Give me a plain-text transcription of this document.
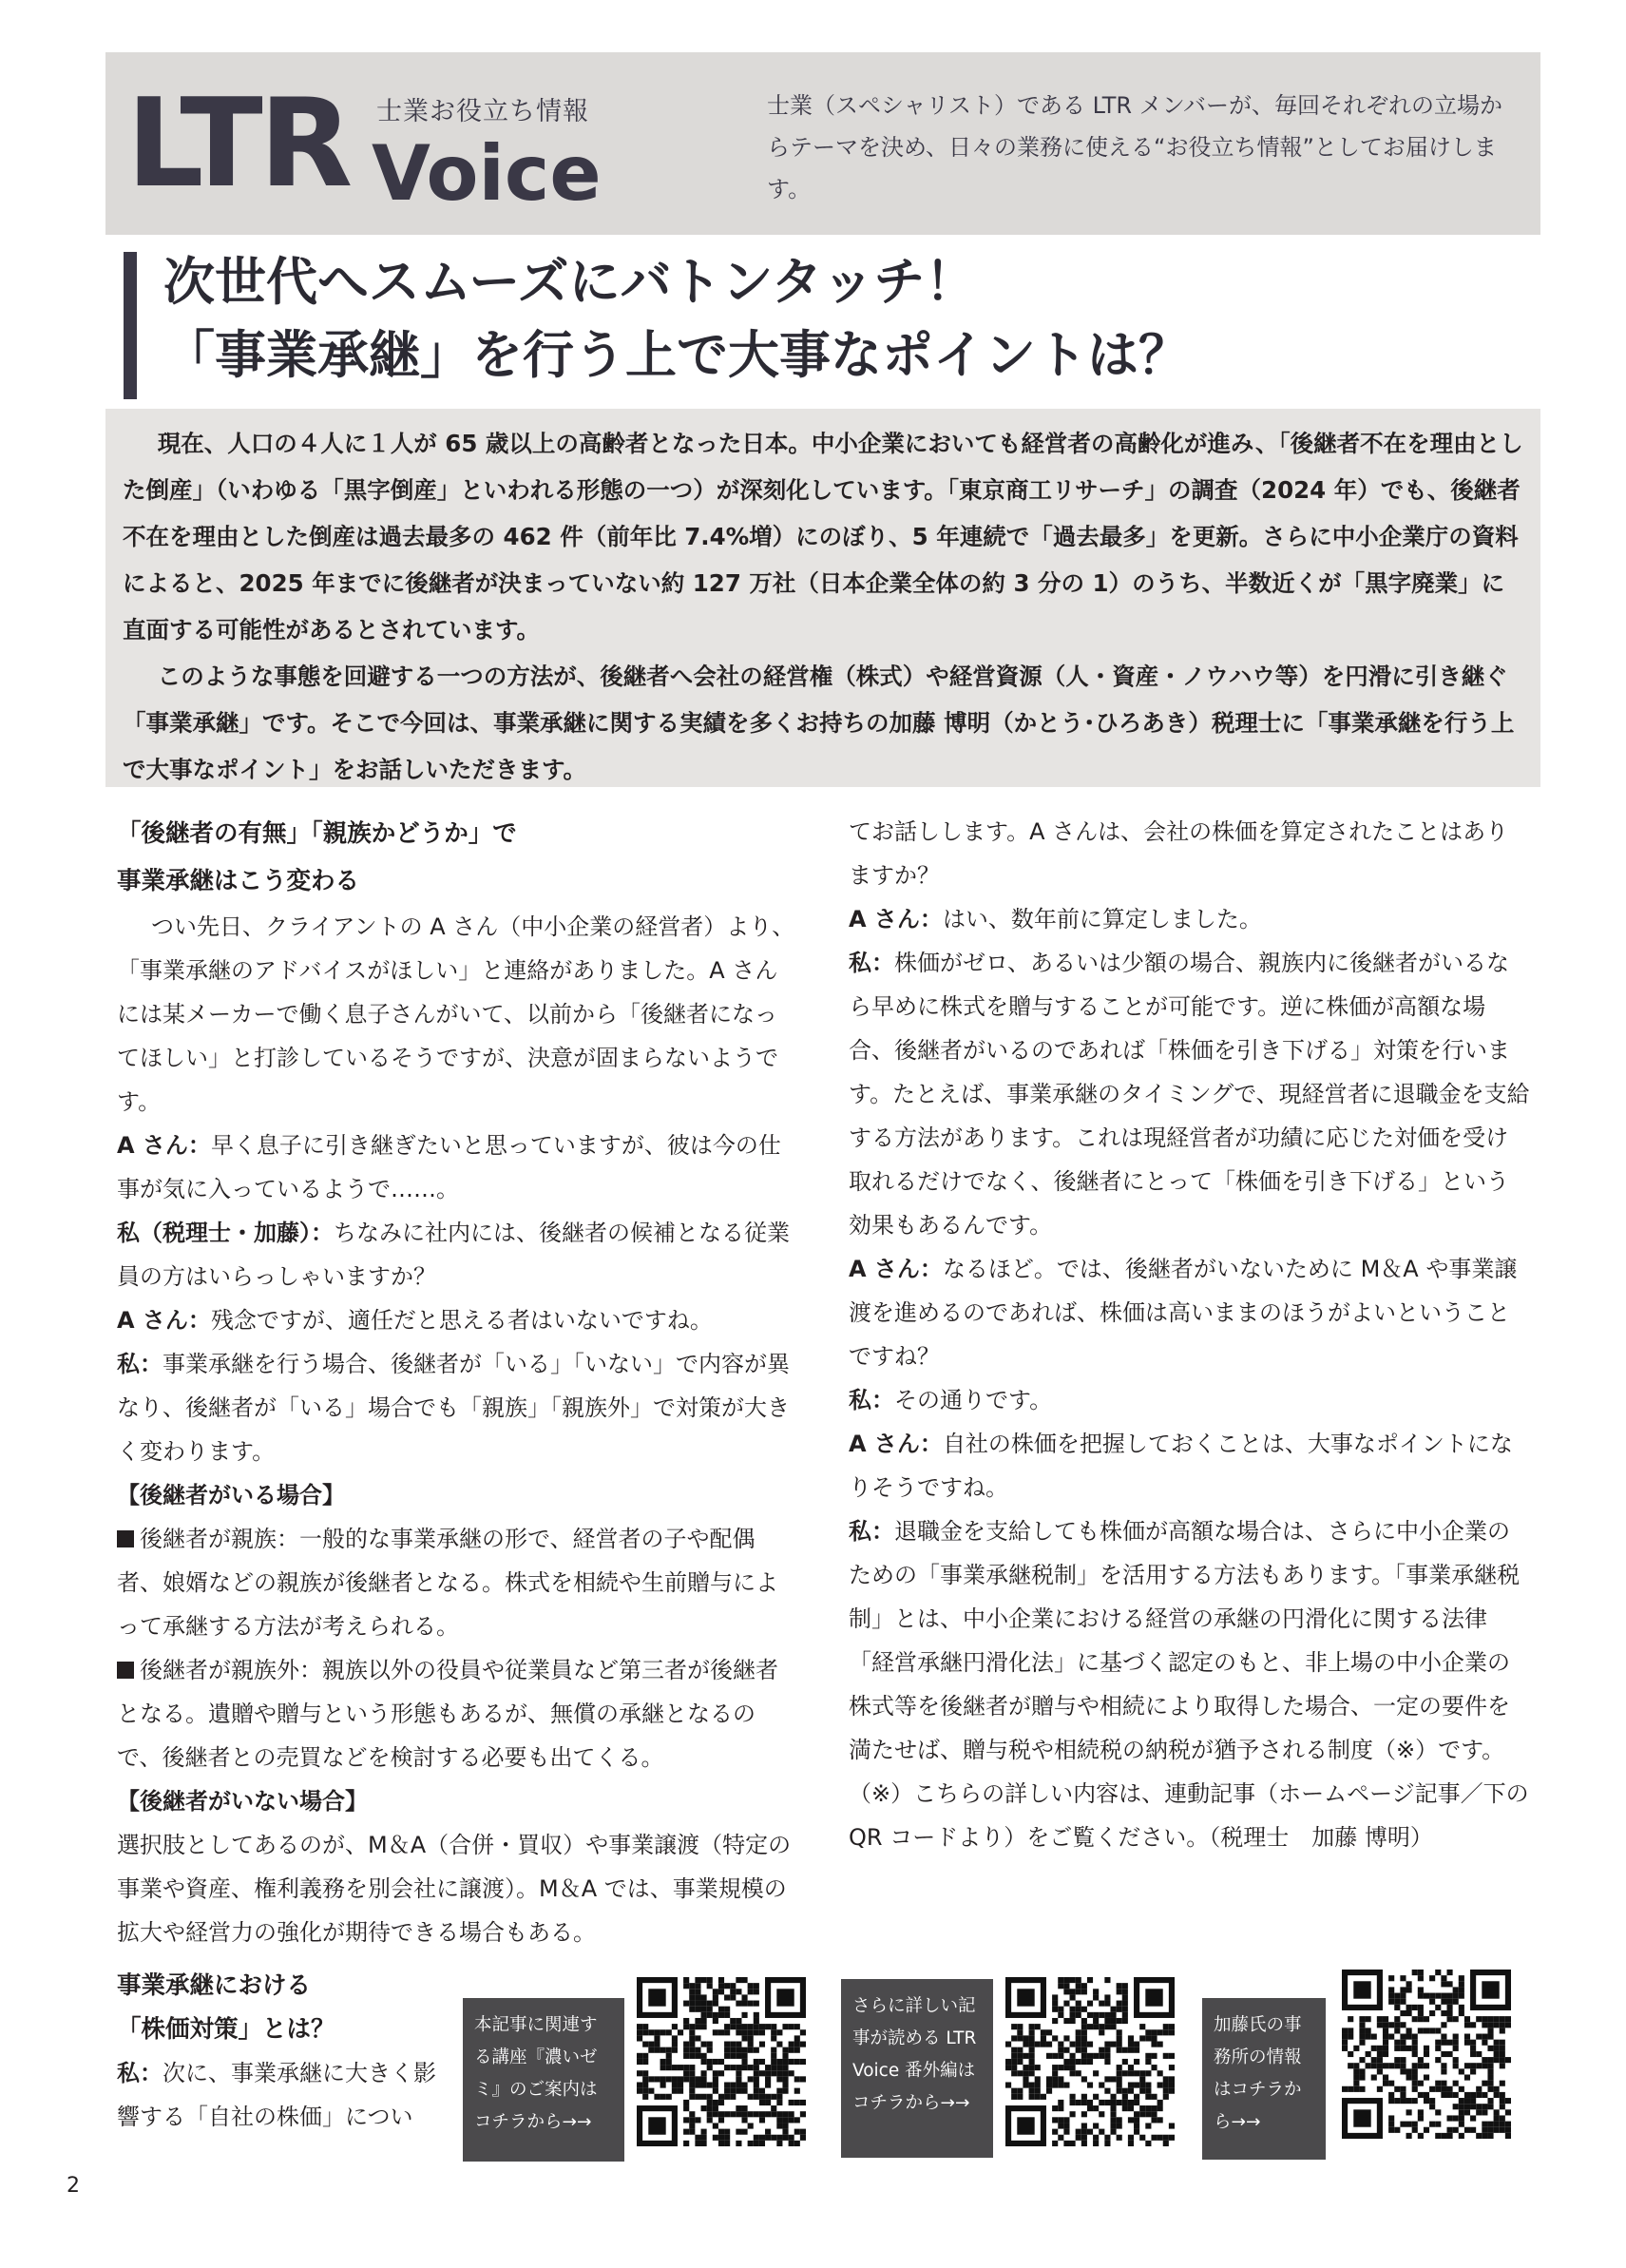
LTR 士業お役立ち情報
Voice
士業（スペシャリスト）である LTR メンバーが、毎回それぞれの立場からテーマを決め、日々の業務に使える“お役立ち情報”としてお届けします。
次世代へスムーズにバトンタッチ！
「事業承継」を行う上で大事なポイントは？

現在、人口の４人に１人が 65 歳以上の高齢者となった日本。中小企業においても経営者の高齢化が進み、「後継者不在を理由とした倒産」（いわゆる「黒字倒産」といわれる形態の一つ）が深刻化しています。「東京商工リサーチ」の調査（2024 年）でも、後継者不在を理由とした倒産は過去最多の 462 件（前年比 7.4%増）にのぼり、5 年連続で「過去最多」を更新。さらに中小企業庁の資料によると、2025 年までに後継者が決まっていない約 127 万社（日本企業全体の約 3 分の 1）のうち、半数近くが「黒字廃業」に直面する可能性があるとされています。

このような事態を回避する一つの方法が、後継者へ会社の経営権（株式）や経営資源（人・資産・ノウハウ等）を円滑に引き継ぐ「事業承継」です。そこで今回は、事業承継に関する実績を多くお持ちの加藤 博明（かとう･ひろあき）税理士に「事業承継を行う上で大事なポイント」をお話しいただきます。

「後継者の有無」「親族かどうか」で

事業承継はこう変わる

つい先日、クライアントの A さん（中小企業の経営者）より、「事業承継のアドバイスがほしい」と連絡がありました。A さんには某メーカーで働く息子さんがいて、以前から「後継者になってほしい」と打診しているそうですが、決意が固まらないようです。

A さん：早く息子に引き継ぎたいと思っていますが、彼は今の仕事が気に入っているようで……。

私（税理士・加藤）：ちなみに社内には、後継者の候補となる従業員の方はいらっしゃいますか？

A さん：残念ですが、適任だと思える者はいないですね。

私：事業承継を行う場合、後継者が「いる」「いない」で内容が異なり、後継者が「いる」場合でも「親族」「親族外」で対策が大きく変わります。

【後継者がいる場合】

後継者が親族：一般的な事業承継の形で、経営者の子や配偶者、娘婿などの親族が後継者となる。株式を相続や生前贈与によって承継する方法が考えられる。

後継者が親族外：親族以外の役員や従業員など第三者が後継者となる。遺贈や贈与という形態もあるが、無償の承継となるので、後継者との売買などを検討する必要も出てくる。

【後継者がいない場合】

選択肢としてあるのが、M＆A（合併・買収）や事業譲渡（特定の事業や資産、権利義務を別会社に譲渡）。M＆A では、事業規模の拡大や経営力の強化が期待できる場合もある。

事業承継における

「株価対策」とは？

私：次に、事業承継に大きく影響する「自社の株価」につい

てお話しします。A さんは、会社の株価を算定されたことはありますか？

A さん：はい、数年前に算定しました。

私：株価がゼロ、あるいは少額の場合、親族内に後継者がいるなら早めに株式を贈与することが可能です。逆に株価が高額な場合、後継者がいるのであれば「株価を引き下げる」対策を行います。たとえば、事業承継のタイミングで、現経営者に退職金を支給する方法があります。これは現経営者が功績に応じた対価を受け取れるだけでなく、後継者にとって「株価を引き下げる」という効果もあるんです。

A さん：なるほど。では、後継者がいないために M＆A や事業譲渡を進めるのであれば、株価は高いままのほうがよいということですね？

私：その通りです。

A さん：自社の株価を把握しておくことは、大事なポイントになりそうですね。

私：退職金を支給しても株価が高額な場合は、さらに中小企業のための「事業承継税制」を活用する方法もあります。「事業承継税制」とは、中小企業における経営の承継の円滑化に関する法律「経営承継円滑化法」に基づく認定のもと、非上場の中小企業の株式等を後継者が贈与や相続により取得した場合、一定の要件を満たせば、贈与税や相続税の納税が猶予される制度（※）です。

（※）こちらの詳しい内容は、連動記事（ホームページ記事／下の QR コードより）をご覧ください。（税理士　加藤 博明）

本記事に関連する講座『濃いゼミ』のご案内はコチラから→→
さらに詳しい記事が読める LTR Voice 番外編はコチラから→→
加藤氏の事務所の情報はコチラから→→
2
